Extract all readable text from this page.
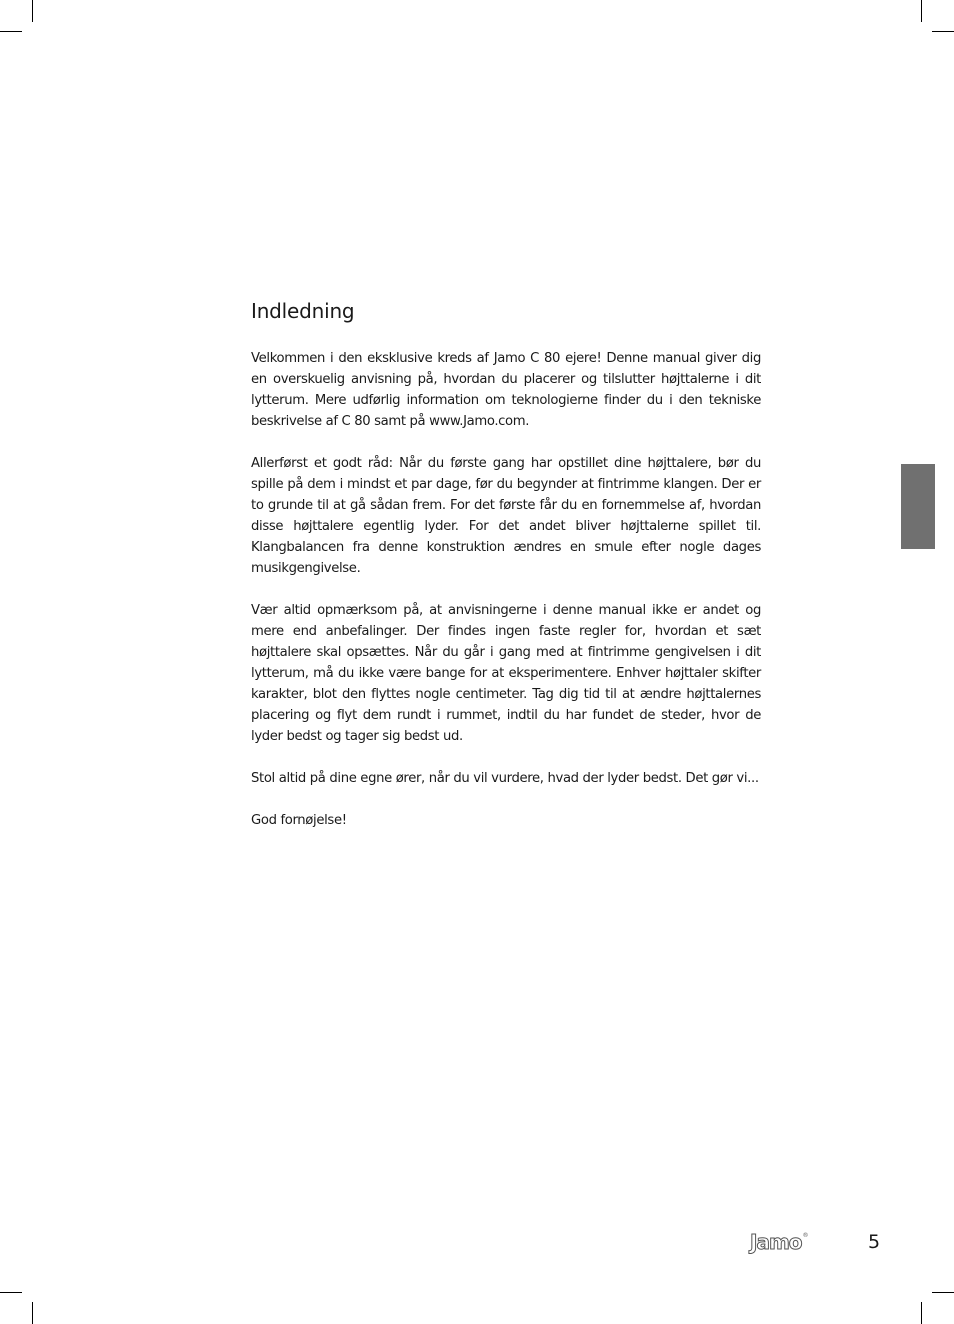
Indledning

Velkommen i den eksklusive kreds af Jamo C 80 ejere! Denne manual giver dig en overskuelig anvisning på, hvordan du placerer og tilslutter højttalerne i dit lytterum. Mere udførlig information om teknologierne finder du i den tekniske beskrivelse af C 80 samt på www.Jamo.com.

Allerførst et godt råd: Når du første gang har opstillet dine højttalere, bør du spille på dem i mindst et par dage, før du begynder at fintrimme klangen. Der er to grunde til at gå sådan frem. For det første får du en fornemmelse af, hvordan disse højttalere egentlig lyder. For det andet bliver højttalerne spillet til. Klangbalancen fra denne konstruktion ændres en smule efter nogle dages musikgengivelse.

Vær altid opmærksom på, at anvisningerne i denne manual ikke er andet og mere end anbefalinger. Der findes ingen faste regler for, hvordan et sæt højttalere skal opsættes. Når du går i gang med at fintrimme gengivelsen i dit lytterum, må du ikke være bange for at eksperimentere. Enhver højttaler skifter karakter, blot den flyttes nogle centimeter. Tag dig tid til at ændre højttalernes placering og flyt dem rundt i rummet, indtil du har fundet de steder, hvor de lyder bedst og tager sig bedst ud.

Stol altid på dine egne ører, når du vil vurdere, hvad der lyder bedst. Det gør vi...

God fornøjelse!

Jamo ®	5
